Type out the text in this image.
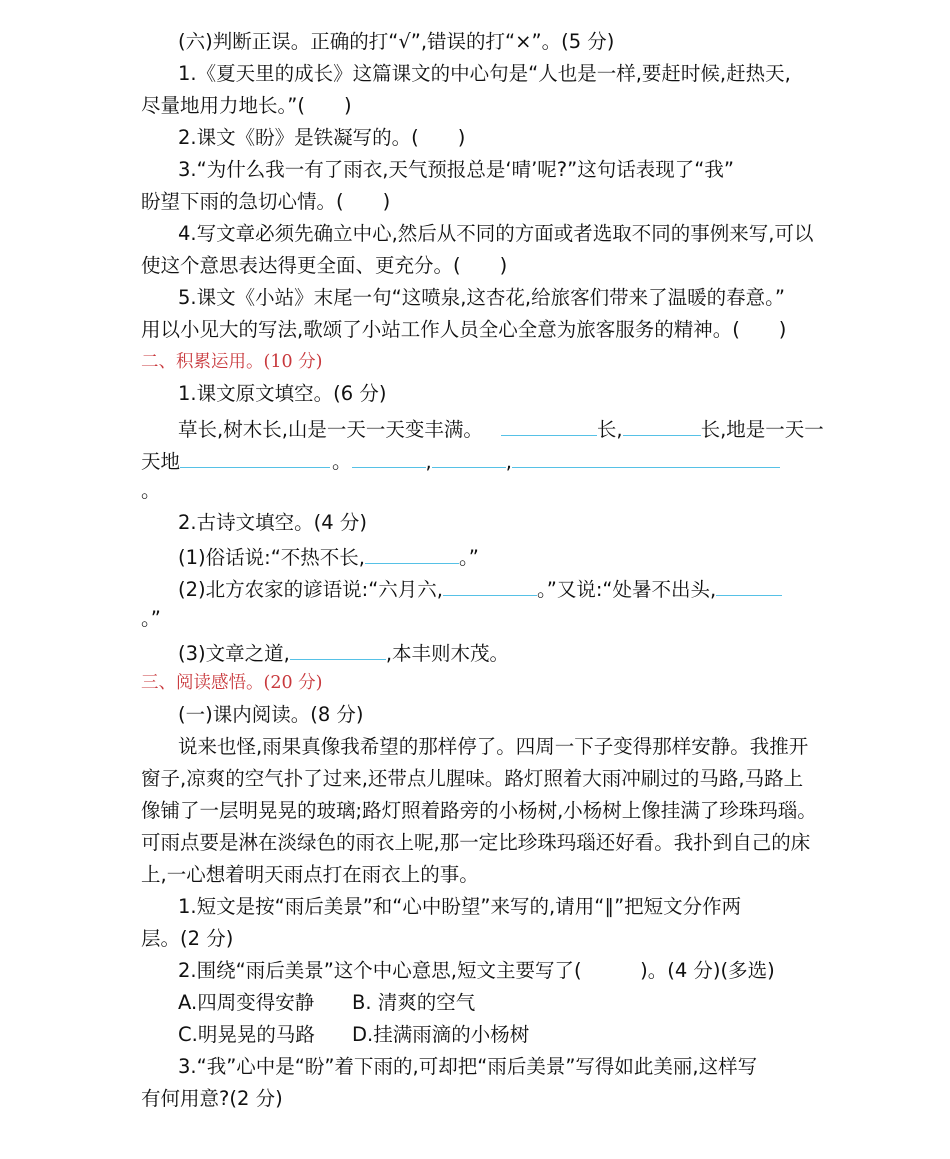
(六)判断正误。正确的打“√”,错误的打“×”。(5 分)
1.《夏天里的成长》这篇课文的中心句是“人也是一样,要赶时候,赶热天,
尽量地用力地长。”(　　)
2.课文《盼》是铁凝写的。(　　)
3.“为什么我一有了雨衣,天气预报总是‘晴’呢?”这句话表现了“我”
盼望下雨的急切心情。(　　)
4.写文章必须先确立中心,然后从不同的方面或者选取不同的事例来写,可以
使这个意思表达得更全面、更充分。(　　)
5.课文《小站》末尾一句“这喷泉,这杏花,给旅客们带来了温暖的春意。”
用以小见大的写法,歌颂了小站工作人员全心全意为旅客服务的精神。(　　)
二、积累运用。(10 分)
1.课文原文填空。(6 分)
草长,树木长,山是一天一天变丰满。	长,	长,地是一天一
天地	。	,	,
。
2.古诗文填空。(4 分)
(1)俗话说:“不热不长,	。”
(2)北方农家的谚语说:“六月六,	。”又说:“处暑不出头,
。”
(3)文章之道,	,本丰则木茂。
三、阅读感悟。(20 分)
(一)课内阅读。(8 分)
说来也怪,雨果真像我希望的那样停了。四周一下子变得那样安静。我推开
窗子,凉爽的空气扑了过来,还带点儿腥味。路灯照着大雨冲刷过的马路,马路上
像铺了一层明晃晃的玻璃;路灯照着路旁的小杨树,小杨树上像挂满了珍珠玛瑙。
可雨点要是淋在淡绿色的雨衣上呢,那一定比珍珠玛瑙还好看。我扑到自己的床
上,一心想着明天雨点打在雨衣上的事。
1.短文是按“雨后美景”和“心中盼望”来写的,请用“∥”把短文分作两
层。(2 分)
2.围绕“雨后美景”这个中心意思,短文主要写了(　　　)。(4 分)(多选)
A.四周变得安静 B. 清爽的空气
C.明晃晃的马路 D.挂满雨滴的小杨树
3.“我”心中是“盼”着下雨的,可却把“雨后美景”写得如此美丽,这样写
有何用意?(2 分)
